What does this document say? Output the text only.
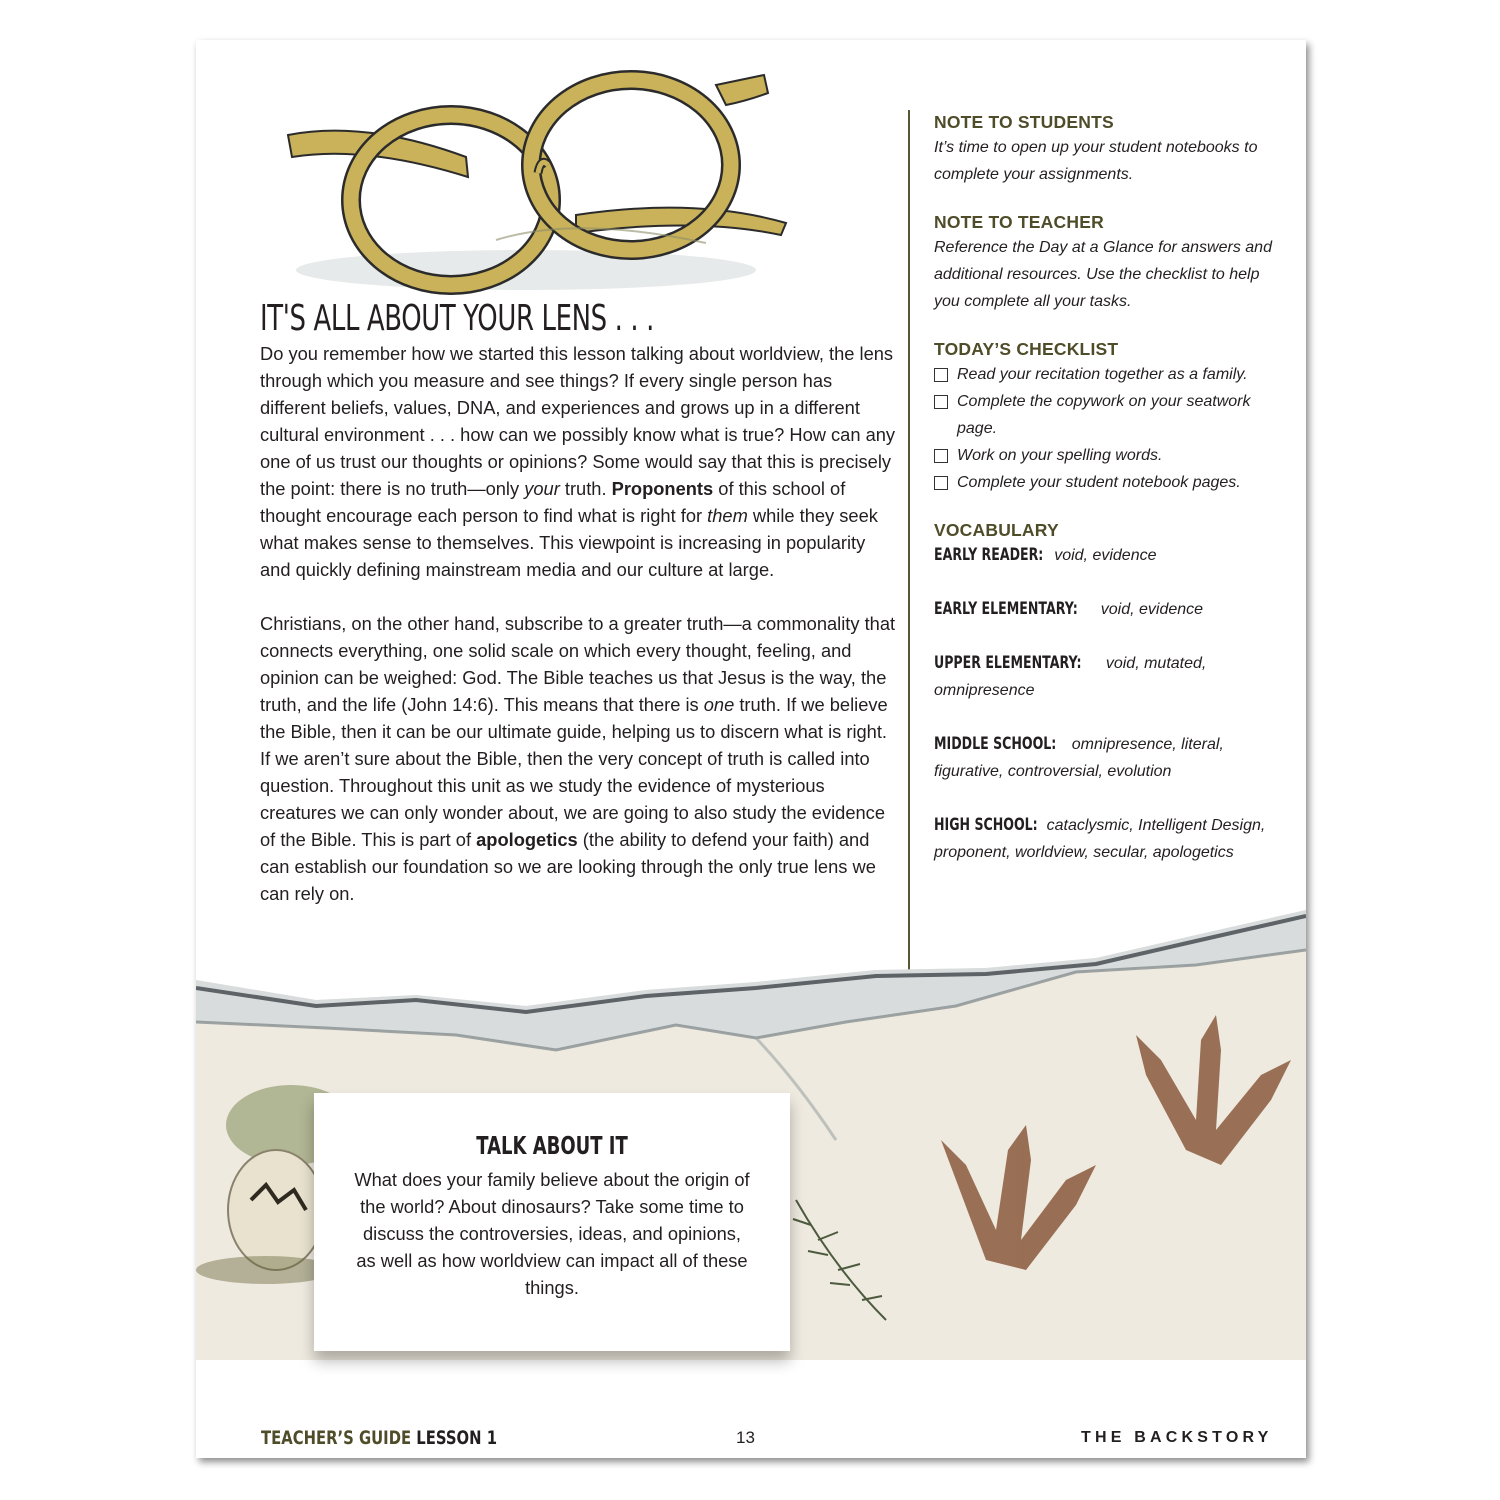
IT'S ALL ABOUT YOUR LENS . . .

Do you remember how we started this lesson talking about worldview, the lens through which you measure and see things? If every single person has different beliefs, values, DNA, and experiences and grows up in a different cultural environment . . . how can we possibly know what is true? How can any one of us trust our thoughts or opinions? Some would say that this is precisely the point: there is no truth—only your truth. Proponents of this school of thought encourage each person to find what is right for them while they seek what makes sense to themselves. This viewpoint is increasing in popularity and quickly defining mainstream media and our culture at large.

Christians, on the other hand, subscribe to a greater truth—a commonality that connects everything, one solid scale on which every thought, feeling, and opinion can be weighed: God. The Bible teaches us that Jesus is the way, the truth, and the life (John 14:6). This means that there is one truth. If we believe the Bible, then it can be our ultimate guide, helping us to discern what is right. If we aren’t sure about the Bible, then the very concept of truth is called into question. Throughout this unit as we study the evidence of mysterious creatures we can only wonder about, we are going to also study the evidence of the Bible. This is part of apologetics (the ability to defend your faith) and can establish our foundation so we are looking through the only true lens we can rely on.

NOTE TO STUDENTS

It’s time to open up your student notebooks to complete your assignments.

NOTE TO TEACHER

Reference the Day at a Glance for answers and additional resources. Use the checklist to help you complete all your tasks.

TODAY’S CHECKLIST
Read your recitation together as a family.
Complete the copywork on your seatwork page.
Work on your spelling words.
Complete your student notebook pages.
VOCABULARY
EARLY READER: void, evidence
EARLY ELEMENTARY: void, evidence
UPPER ELEMENTARY: void, mutated, omnipresence
MIDDLE SCHOOL: omnipresence, literal, figurative, controversial, evolution
HIGH SCHOOL: cataclysmic, Intelligent Design, proponent, worldview, secular, apologetics
TALK ABOUT IT

What does your family believe about the origin of the world? About dinosaurs? Take some time to discuss the controversies, ideas, and opinions, as well as how worldview can impact all of these things.

TEACHER’S GUIDE LESSON 1	13	THE BACKSTORY
